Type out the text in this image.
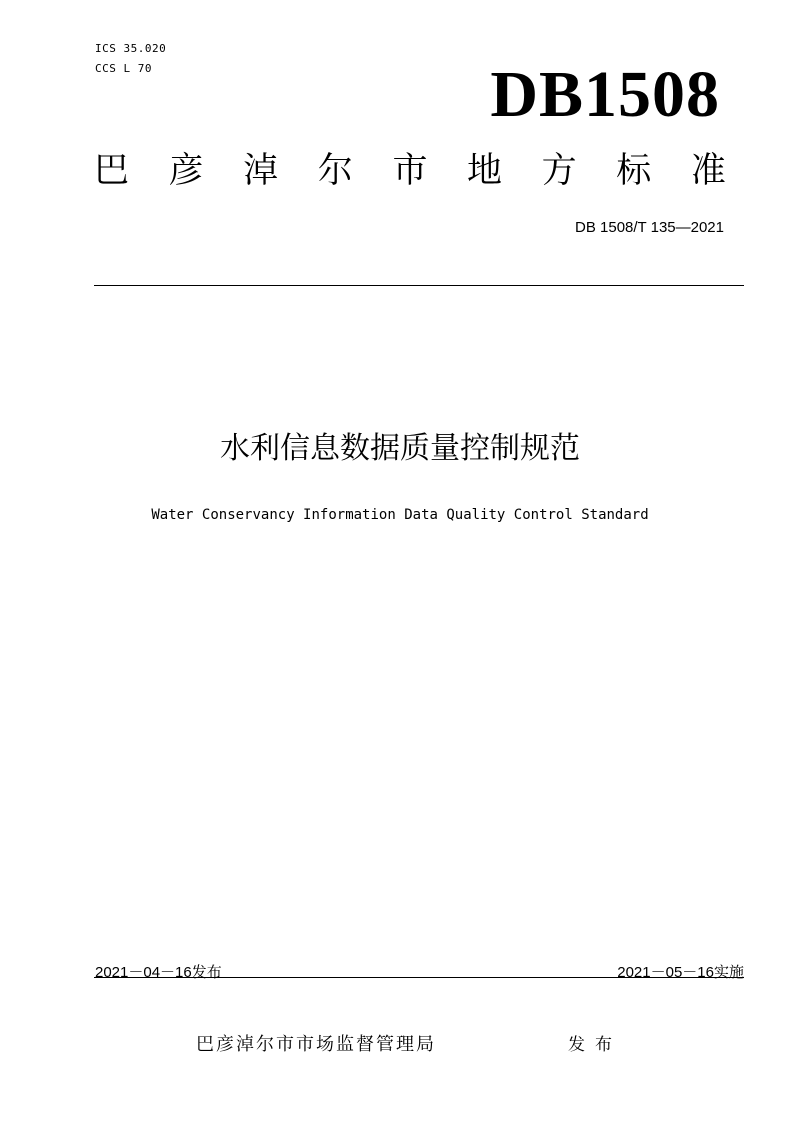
ICS 35.020
CCS L 70	DB1508
巴 彦 淖 尔 市 地 方 标 准
DB 1508/T 135—2021
水利信息数据质量控制规范
Water Conservancy Information Data Quality Control Standard
2021－04－16发布	2021－05－16实施
巴彦淖尔市市场监督管理局	发布
